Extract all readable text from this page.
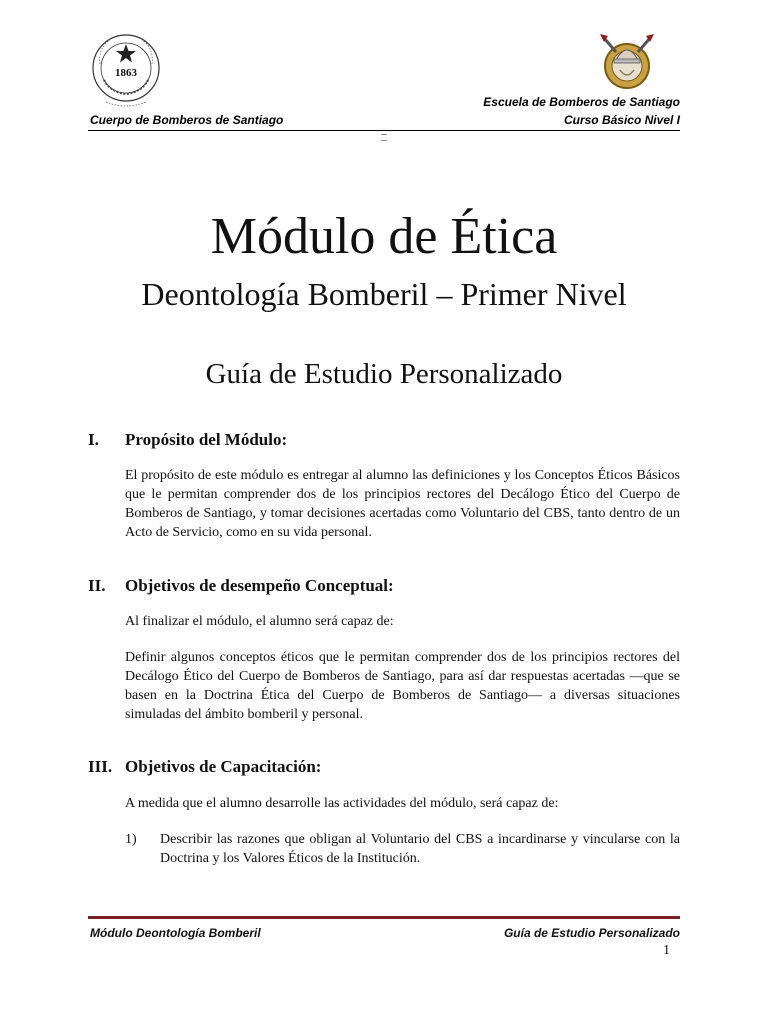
1863
Escuela de Bomberos de Santiago
Cuerpo de Bomberos de Santiago	Curso Básico Nivel I
Módulo de Ética
Deontología Bomberil – Primer Nivel
Guía de Estudio Personalizado
I. Propósito del Módulo:
El propósito de este módulo es entregar al alumno las definiciones y los Conceptos Éticos Básicos que le permitan comprender dos de los principios rectores del Decálogo Ético del Cuerpo de Bomberos de Santiago, y tomar decisiones acertadas como Voluntario del CBS, tanto dentro de un Acto de Servicio, como en su vida personal.
II. Objetivos de desempeño Conceptual:
Al finalizar el módulo, el alumno será capaz de:
Definir algunos conceptos éticos que le permitan comprender dos de los principios rectores del Decálogo Ético del Cuerpo de Bomberos de Santiago, para así dar respuestas acertadas —que se basen en la Doctrina Ética del Cuerpo de Bomberos de Santiago— a diversas situaciones simuladas del ámbito bomberil y personal.
III. Objetivos de Capacitación:
A medida que el alumno desarrolle las actividades del módulo, será capaz de:
1) Describir las razones que obligan al Voluntario del CBS a incardinarse y vincularse con la Doctrina y los Valores Éticos de la Institución.
Módulo Deontología Bomberil	Guía de Estudio Personalizado
1
